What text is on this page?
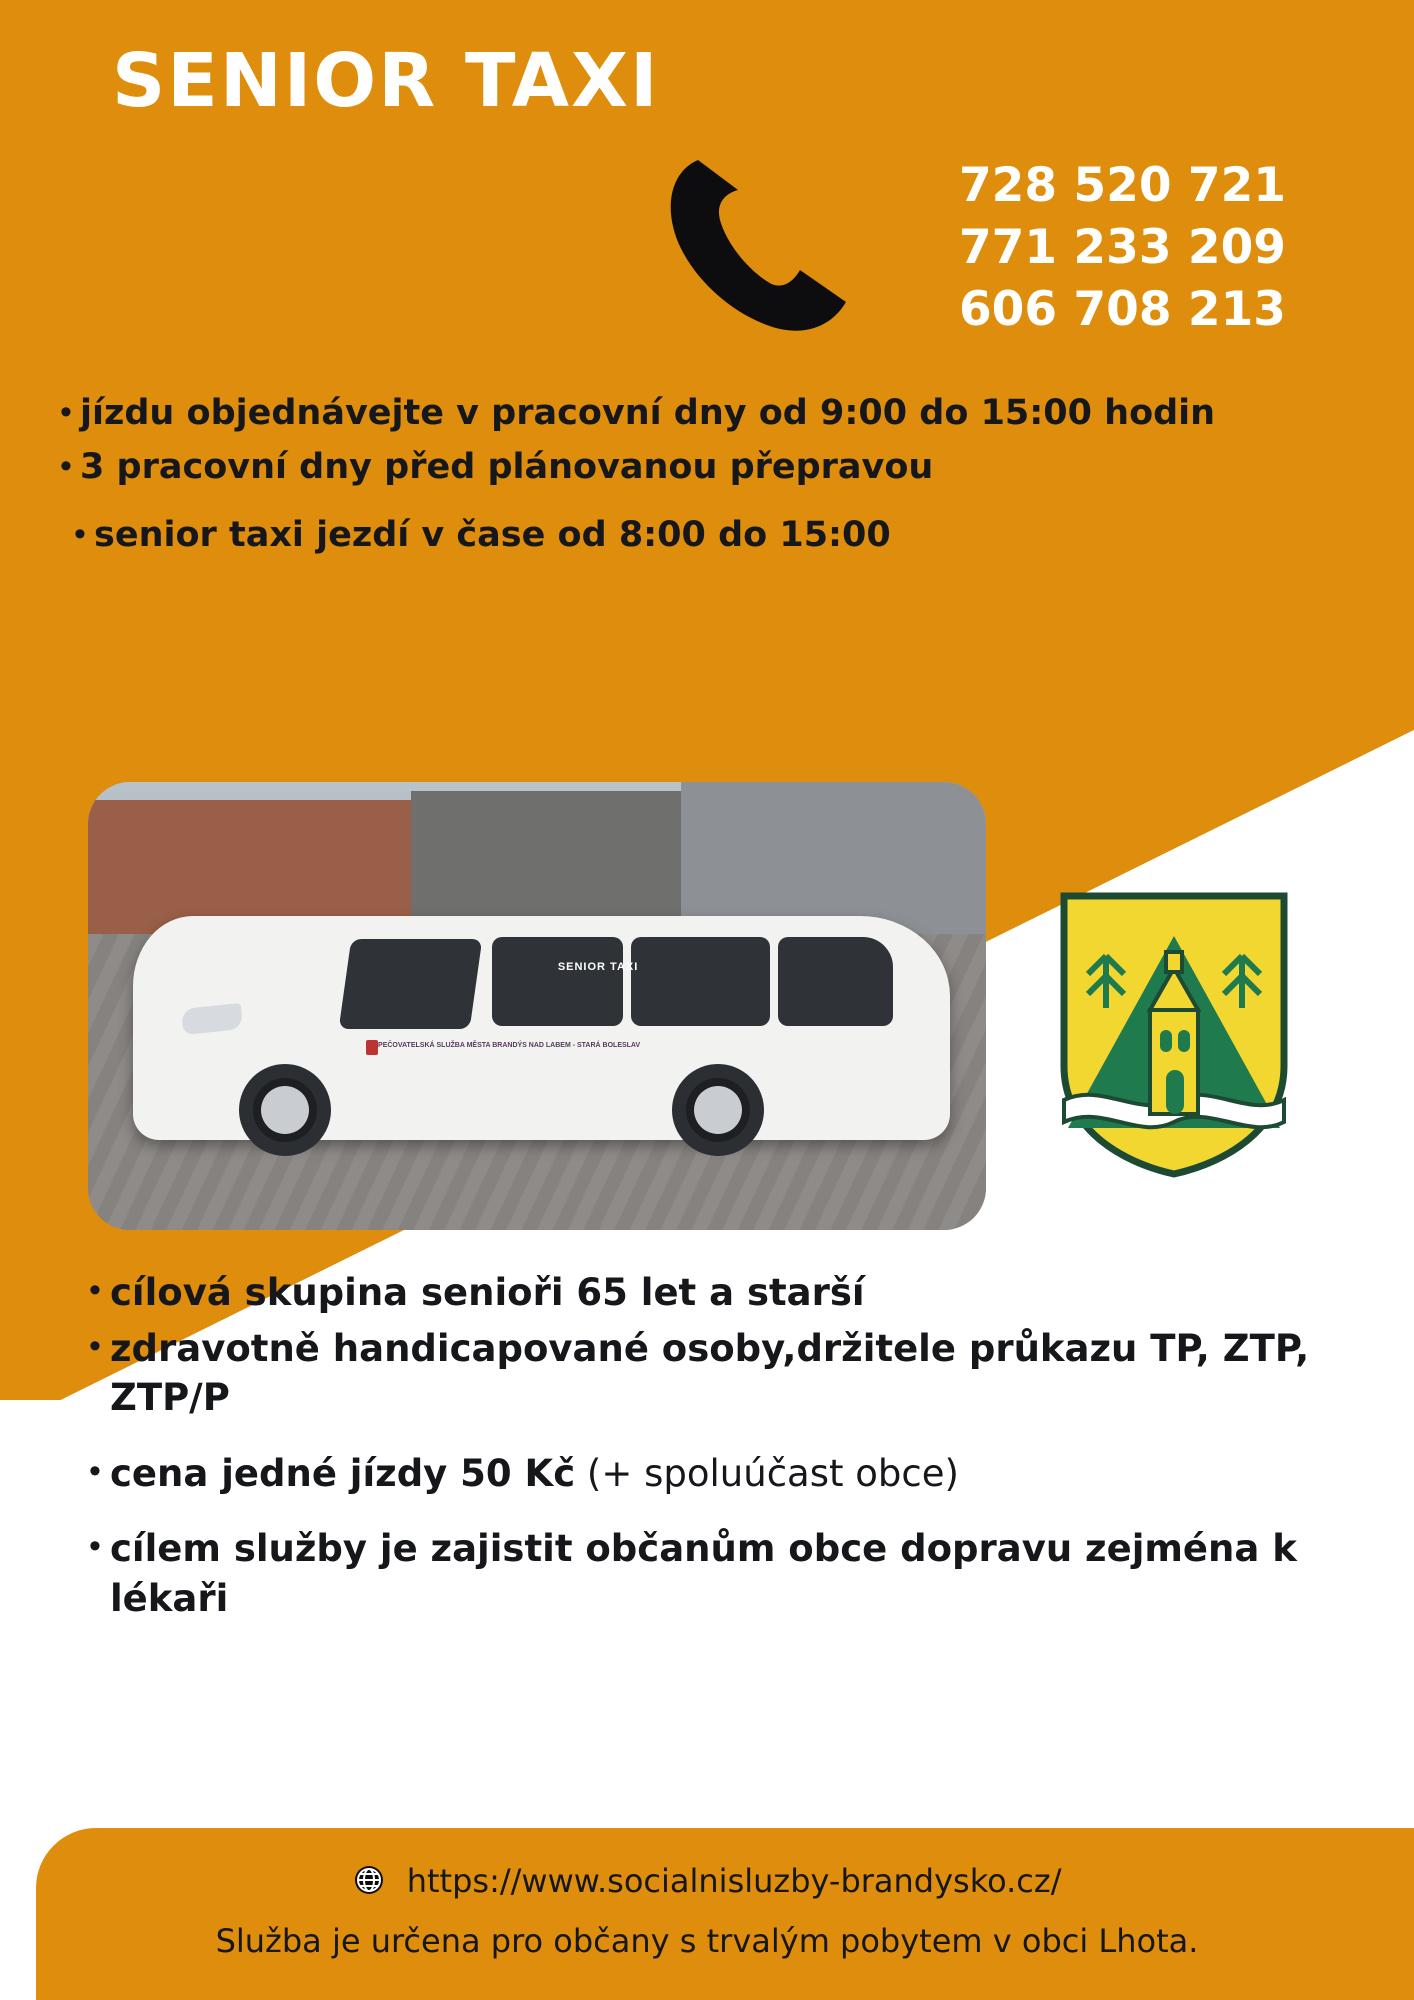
SENIOR TAXI
728 520 721
771 233 209
606 708 213
• jízdu objednávejte v pracovní dny od 9:00 do 15:00 hodin
• 3 pracovní dny před plánovanou přepravou
• senior taxi jezdí v čase od 8:00 do 15:00
SENIOR TAXI
PEČOVATELSKÁ SLUŽBA MĚSTA BRANDÝS NAD LABEM - STARÁ BOLESLAV
• cílová skupina senioři 65 let a starší
• zdravotně handicapované osoby,držitele průkazu TP, ZTP, ZTP/P
• cena jedné jízdy 50 Kč (+ spoluúčast obce)
• cílem služby je zajistit občanům obce dopravu zejména k lékaři
https://www.socialnisluzby-brandysko.cz/
Služba je určena pro občany s trvalým pobytem v obci Lhota.
